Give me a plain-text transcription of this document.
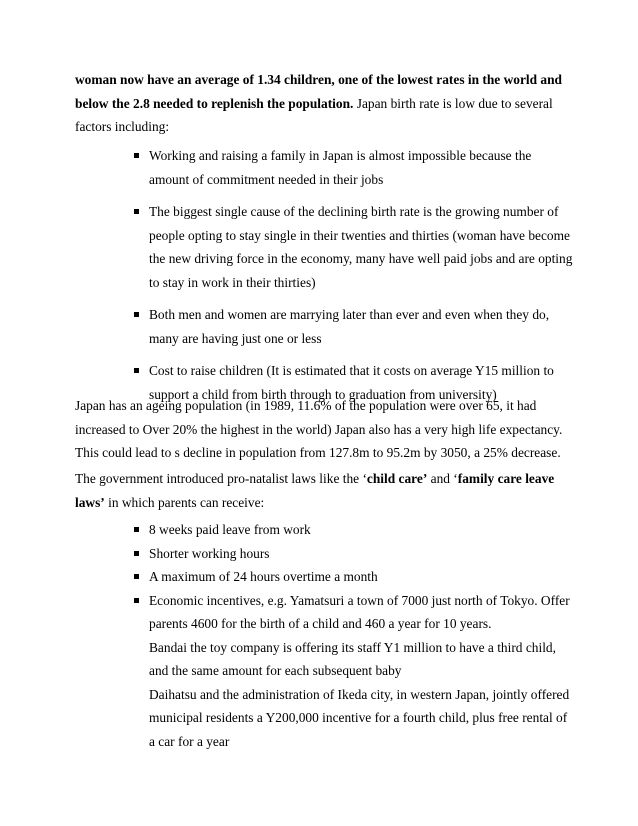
woman now have an average of 1.34 children, one of the lowest rates in the world and below the 2.8 needed to replenish the population. Japan birth rate is low due to several factors including:

Working and raising a family in Japan is almost impossible because the amount of commitment needed in their jobs
The biggest single cause of the declining birth rate is the growing number of people opting to stay single in their twenties and thirties (woman have become the new driving force in the economy, many have well paid jobs and are opting to stay in work in their thirties)
Both men and women are marrying later than ever and even when they do, many are having just one or less
Cost to raise children (It is estimated that it costs on average Y15 million to support a child from birth through to graduation from university)

Japan has an ageing population (in 1989, 11.6% of the population were over 65, it had increased to Over 20% the highest in the world) Japan also has a very high life expectancy. This could lead to s decline in population from 127.8m to 95.2m by 3050, a 25% decrease.

The government introduced pro-natalist laws like the ‘child care’ and ‘family care leave laws’ in which parents can receive:

8 weeks paid leave from work
Shorter working hours
A maximum of 24 hours overtime a month
Economic incentives, e.g. Yamatsuri a town of 7000 just north of Tokyo. Offer parents 4600 for the birth of a child and 460 a year for 10 years.
Bandai the toy company is offering its staff Y1 million to have a third child, and the same amount for each subsequent baby
Daihatsu and the administration of Ikeda city, in western Japan, jointly offered municipal residents a Y200,000 incentive for a fourth child, plus free rental of a car for a year
